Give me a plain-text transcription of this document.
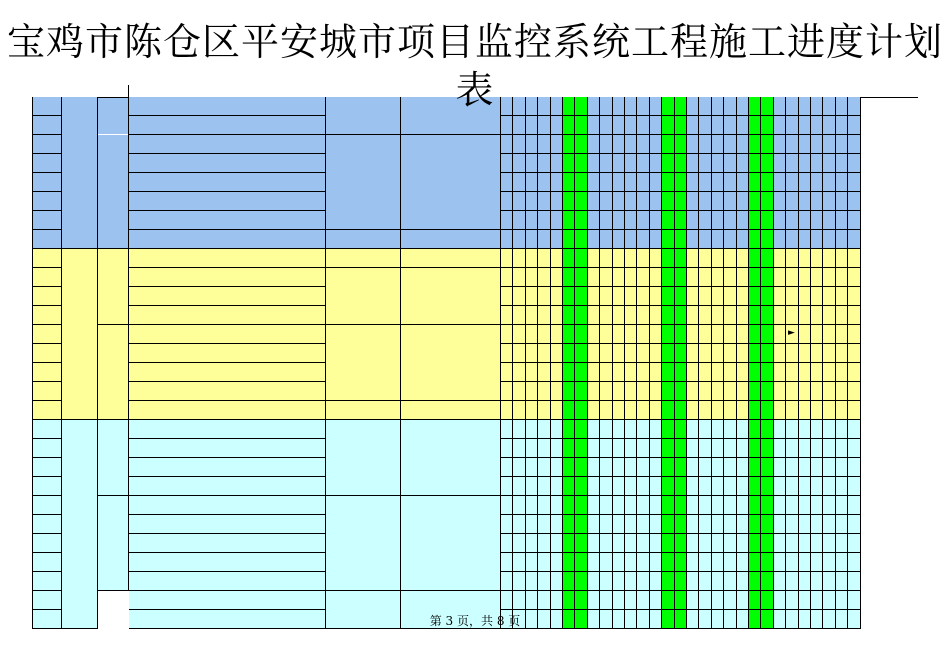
►
宝鸡市陈仓区平安城市项目监控系统工程施工进度计划表
第 3 页，共 8 页
